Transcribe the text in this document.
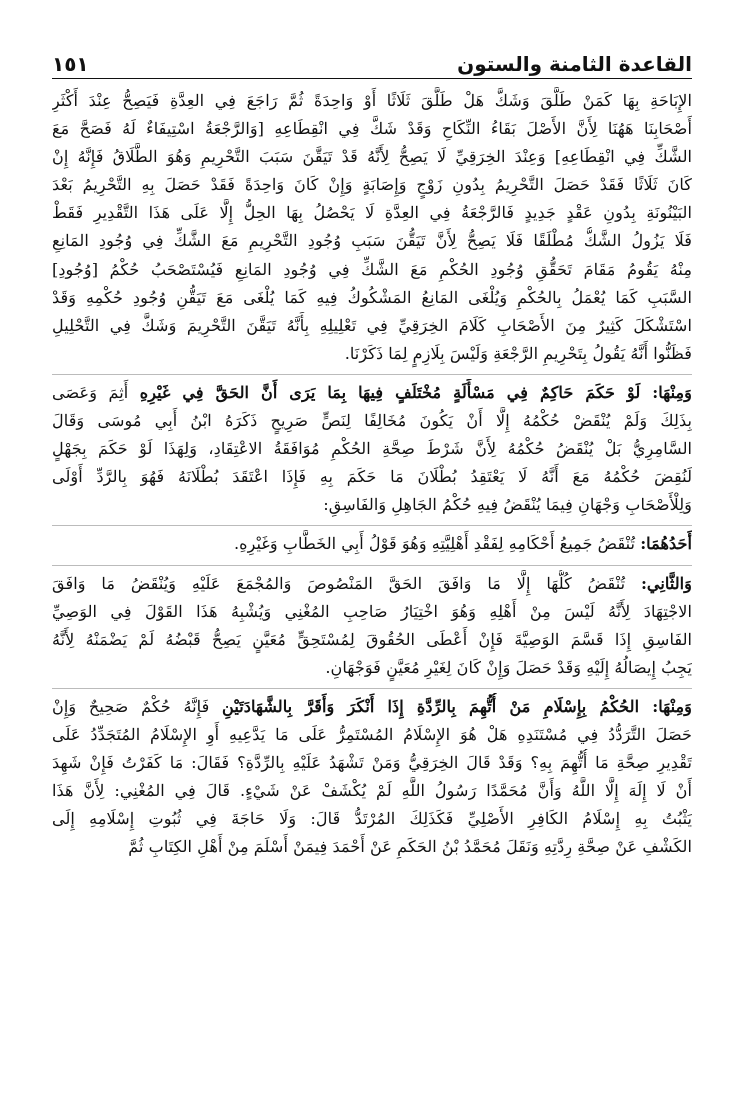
القاعدة الثامنة والستون
١٥١
الإِبَاحَةِ بِهَا كَمَنْ طَلَّقَ وَشَكَّ هَلْ طَلَّقَ ثَلَاثًا أَوْ وَاحِدَةً ثُمَّ رَاجَعَ فِي العِدَّةِ فَيَصِحُّ عِنْدَ أَكْثَرِ
أَصْحَابِنَا هَهُنَا لِأَنَّ الأَصْلَ بَقَاءُ النِّكَاحِ وَقَدْ شَكَّ فِي انْقِطَاعِهِ [وَالرَّجْعَةُ اسْتِيفَاءٌ لَهُ فَصَحَّ مَعَ
الشَّكِّ فِي انْقِطَاعِهِ] وَعِنْدَ الخِرَقِيِّ لَا يَصِحُّ لِأَنَّهُ قَدْ تَيَقَّنَ سَبَبَ التَّحْرِيمِ وَهُوَ الطَّلَاقُ فَإِنَّهُ إِنْ
كَانَ ثَلَاثًا فَقَدْ حَصَلَ التَّحْرِيمُ بِدُونِ زَوْجٍ وَإِصَابَةٍ وَإِنْ كَانَ وَاحِدَةً فَقَدْ حَصَلَ بِهِ التَّحْرِيمُ بَعْدَ
البَيْنُونَةِ بِدُونِ عَقْدٍ جَدِيدٍ فَالرَّجْعَةُ فِي العِدَّةِ لَا يَحْصُلُ بِهَا الحِلُّ إِلَّا عَلَى هَذَا التَّقْدِيرِ فَقَطْ
فَلَا يَزُولُ الشَّكُّ مُطْلَقًا فَلَا يَصِحُّ لِأَنَّ تَيَقُّنَ سَبَبِ وُجُودِ التَّحْرِيمِ مَعَ الشَّكِّ فِي وُجُودِ المَانِعِ
مِنْهُ يَقُومُ مَقَامَ تَحَقُّقِ وُجُودِ الحُكْمِ مَعَ الشَّكِّ فِي وُجُودِ المَانِعِ فَيُسْتَصْحَبُ حُكْمُ [وُجُودِ]
السَّبَبِ كَمَا يُعْمَلُ بِالحُكْمِ وَيُلْغَى المَانِعُ المَشْكُوكُ فِيهِ كَمَا يُلْغَى مَعَ تَيَقُّنِ وُجُودِ حُكْمِهِ وَقَدْ
اسْتَشْكَلَ كَثِيرٌ مِنَ الأَصْحَابِ كَلَامَ الخِرَقِيِّ فِي تَعْلِيلِهِ بِأَنَّهُ تَيَقَّنَ التَّحْرِيمَ وَشَكَّ فِي التَّحْلِيلِ
فَظَنُّوا أَنَّهُ يَقُولُ بِتَحْرِيمِ الرَّجْعَةِ وَلَيْسَ بِلَازِمٍ لِمَا ذَكَرْنَا.
وَمِنْهَا: لَوْ حَكَمَ حَاكِمٌ فِي مَسْأَلَةٍ مُخْتَلَفٍ فِيهَا بِمَا يَرَى أَنَّ الحَقَّ فِي غَيْرِهِ أَثِمَ وَعَصَى
بِذَلِكَ وَلَمْ يُنْقَضْ حُكْمُهُ إِلَّا أَنْ يَكُونَ مُخَالِفًا لِنَصٍّ صَرِيحٍ ذَكَرَهُ ابْنُ أَبِي مُوسَى وَقَالَ
السَّامِرِيُّ بَلْ يُنْقَضُ حُكْمُهُ لِأَنَّ شَرْطَ صِحَّةِ الحُكْمِ مُوَافَقَةُ الاعْتِقَادِ، وَلِهَذَا لَوْ حَكَمَ بِجَهْلٍ
لَنُقِضَ حُكْمُهُ مَعَ أَنَّهُ لَا يَعْتَقِدُ بُطْلَانَ مَا حَكَمَ بِهِ فَإِذَا اعْتَقَدَ بُطْلَانَهُ فَهُوَ بِالرَّدِّ أَوْلَى
وَلِلْأَصْحَابِ وَجْهَانِ فِيمَا يُنْقَضُ فِيهِ حُكْمُ الجَاهِلِ وَالفَاسِقِ:
أَحَدُهُمَا: تُنْقَضُ جَمِيعُ أَحْكَامِهِ لِفَقْدِ أَهْلِيَّتِهِ وَهُوَ قَوْلُ أَبِي الخَطَّابِ وَغَيْرِهِ.
وَالثَّانِي: تُنْقَضُ كُلُّهَا إِلَّا مَا وَافَقَ الحَقَّ المَنْصُوصَ وَالمُجْمَعَ عَلَيْهِ وَيُنْقَضُ مَا وَافَقَ
الاجْتِهَادَ لِأَنَّهُ لَيْسَ مِنْ أَهْلِهِ وَهُوَ اخْتِيَارُ صَاحِبِ المُغْنِي وَيُشْبِهُ هَذَا القَوْلَ فِي الوَصِيِّ
الفَاسِقِ إِذَا قَسَّمَ الوَصِيَّةَ فَإِنْ أَعْطَى الحُقُوقَ لِمُسْتَحِقٍّ مُعَيَّنٍ يَصِحُّ قَبْضُهُ لَمْ يَضْمَنْهُ لِأَنَّهُ
يَجِبُ إِيصَالُهُ إِلَيْهِ وَقَدْ حَصَلَ وَإِنْ كَانَ لِغَيْرِ مُعَيَّنٍ فَوَجْهَانِ.
وَمِنْهَا: الحُكْمُ بِإِسْلَامِ مَنْ أُتُّهِمَ بِالرِّدَّةِ إِذَا أَنْكَرَ وَأَقَرَّ بِالشَّهَادَتَيْنِ فَإِنَّهُ حُكْمٌ صَحِيحٌ وَإِنْ
حَصَلَ التَّرَدُّدُ فِي مُسْتَنَدِهِ هَلْ هُوَ الإِسْلَامُ المُسْتَمِرُّ عَلَى مَا يَدَّعِيهِ أَوِ الإِسْلَامُ المُتَجَدِّدُ عَلَى
تَقْدِيرِ صِحَّةِ مَا أُتُّهِمَ بِهِ؟ وَقَدْ قَالَ الخِرَقِيُّ وَمَنْ تَشْهَدُ عَلَيْهِ بِالرِّدَّةِ؟ فَقَالَ: مَا كَفَرْتُ فَإِنْ شَهِدَ
أَنْ لَا إِلَهَ إِلَّا اللَّهُ وَأَنَّ مُحَمَّدًا رَسُولُ اللَّهِ لَمْ يُكْشَفْ عَنْ شَيْءٍ. قَالَ فِي المُغْنِي: لِأَنَّ هَذَا
يَثْبُتُ بِهِ إِسْلَامُ الكَافِرِ الأَصْلِيِّ فَكَذَلِكَ المُرْتَدُّ قَالَ: وَلَا حَاجَةَ فِي ثُبُوتِ إِسْلَامِهِ إِلَى
الكَشْفِ عَنْ صِحَّةِ رِدَّتِهِ وَنَقَلَ مُحَمَّدُ بْنُ الحَكَمِ عَنْ أَحْمَدَ فِيمَنْ أَسْلَمَ مِنْ أَهْلِ الكِتَابِ ثُمَّ
